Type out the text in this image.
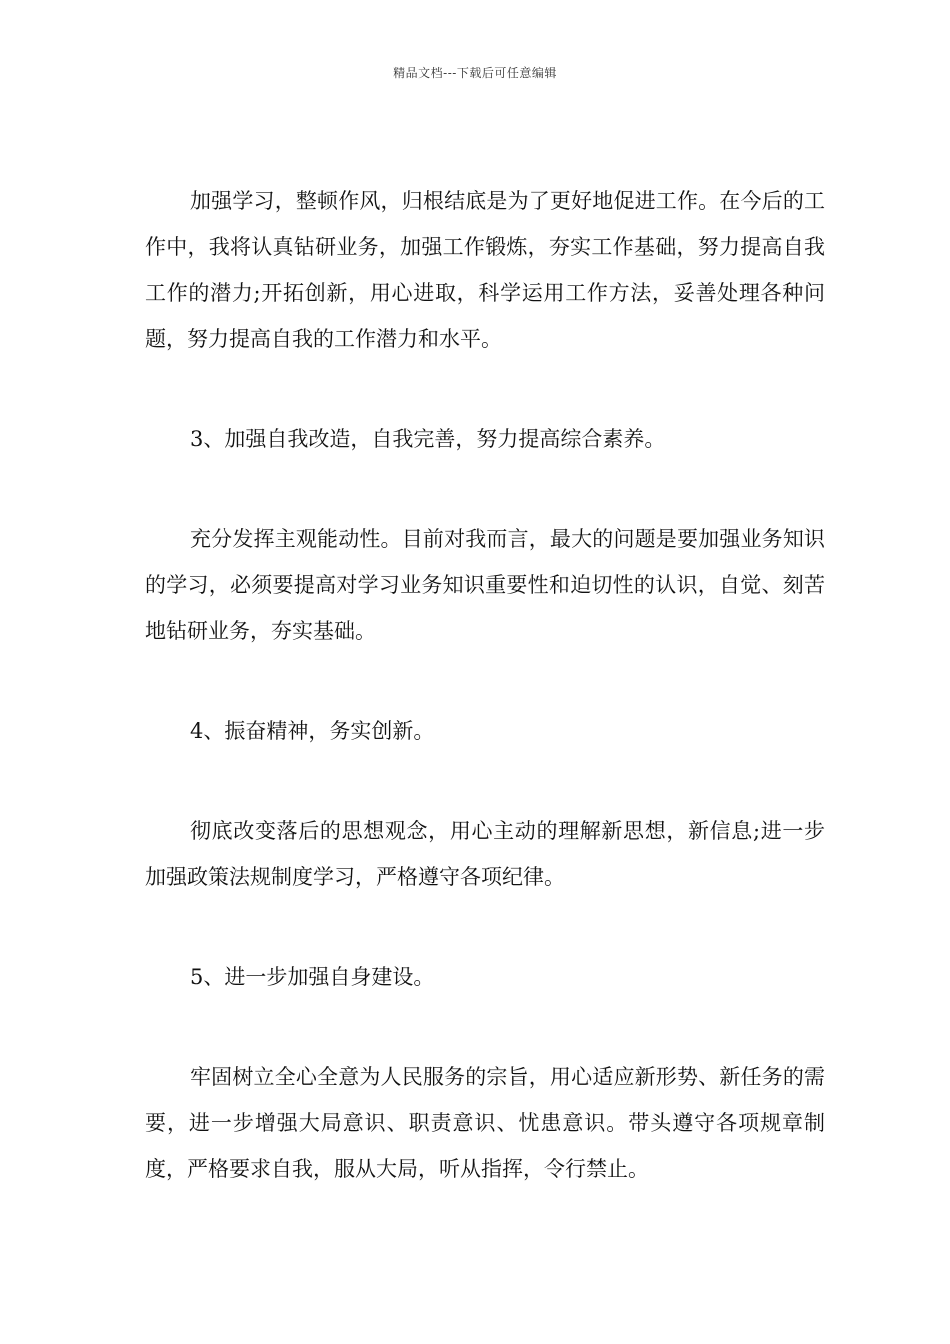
精品文档---下载后可任意编辑

加强学习，整顿作风，归根结底是为了更好地促进工作。在今后的工作中，我将认真钻研业务，加强工作锻炼，夯实工作基础，努力提高自我工作的潜力;开拓创新，用心进取，科学运用工作方法，妥善处理各种问题，努力提高自我的工作潜力和水平。

3、加强自我改造，自我完善，努力提高综合素养。

充分发挥主观能动性。目前对我而言，最大的问题是要加强业务知识的学习，必须要提高对学习业务知识重要性和迫切性的认识，自觉、刻苦地钻研业务，夯实基础。

4、振奋精神，务实创新。

彻底改变落后的思想观念，用心主动的理解新思想，新信息;进一步加强政策法规制度学习，严格遵守各项纪律。

5、进一步加强自身建设。

牢固树立全心全意为人民服务的宗旨，用心适应新形势、新任务的需要，进一步增强大局意识、职责意识、忧患意识。带头遵守各项规章制度，严格要求自我，服从大局，听从指挥，令行禁止。
